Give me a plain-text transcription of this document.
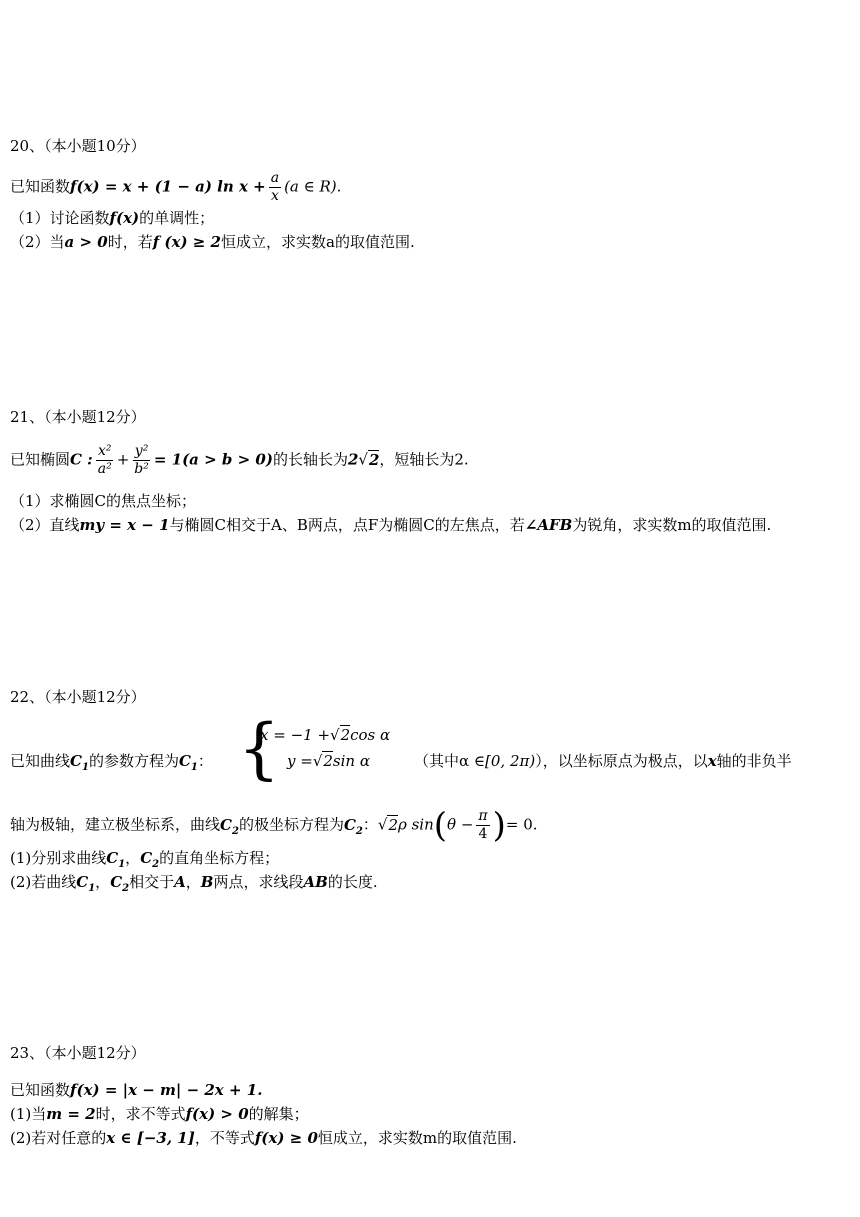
20、（本小题10分）
已知函数f(x) = x + (1 − a) $\ln x + \frac{a}{x} (a$ ∈ R).
（1）讨论函数f(x)的单调性；
（2）当a > 0时，若f (x) ≥ 2恒成立，求实数a的取值范围.
21、（本小题12分）
已知椭圆C : $\frac{\text{x²}}{\text{a²}} + \frac{\text{y²}}{\text{b²}} = 1(a > b > 0)$的长轴长为2√2，短轴长为2.
（1）求椭圆C的焦点坐标；
（2）直线my = x − 1与椭圆C相交于A、B两点，点F为椭圆C的左焦点，若∠AFB为锐角，求实数m的取值范围.
22、（本小题12分）
已知曲线$C_1$的参数方程为$C_1$： {
x = −1 +√2cos α
y =√2sin α	（其中α ∈[0, 2π)），以坐标原点为极点，以x轴的非负半
轴为极轴，建立极坐标系，曲线$C_2$的极坐标方程为$C_2$：√2ρ $\sin(\theta - \frac{\pi}{4}$ )= 0.
(1)分别求曲线$C_1$，$C_2$的直角坐标方程；
(2)若曲线$C_1$，$C_2$相交于A，B两点，求线段AB的长度.
23、（本小题12分）
已知函数f(x) = |x − m| − 2x + 1.
(1)当m = 2时，求不等式f(x) > 0的解集；
(2)若对任意的x ∈ [−3, 1]，不等式f(x) ≥ 0恒成立，求实数m的取值范围.
